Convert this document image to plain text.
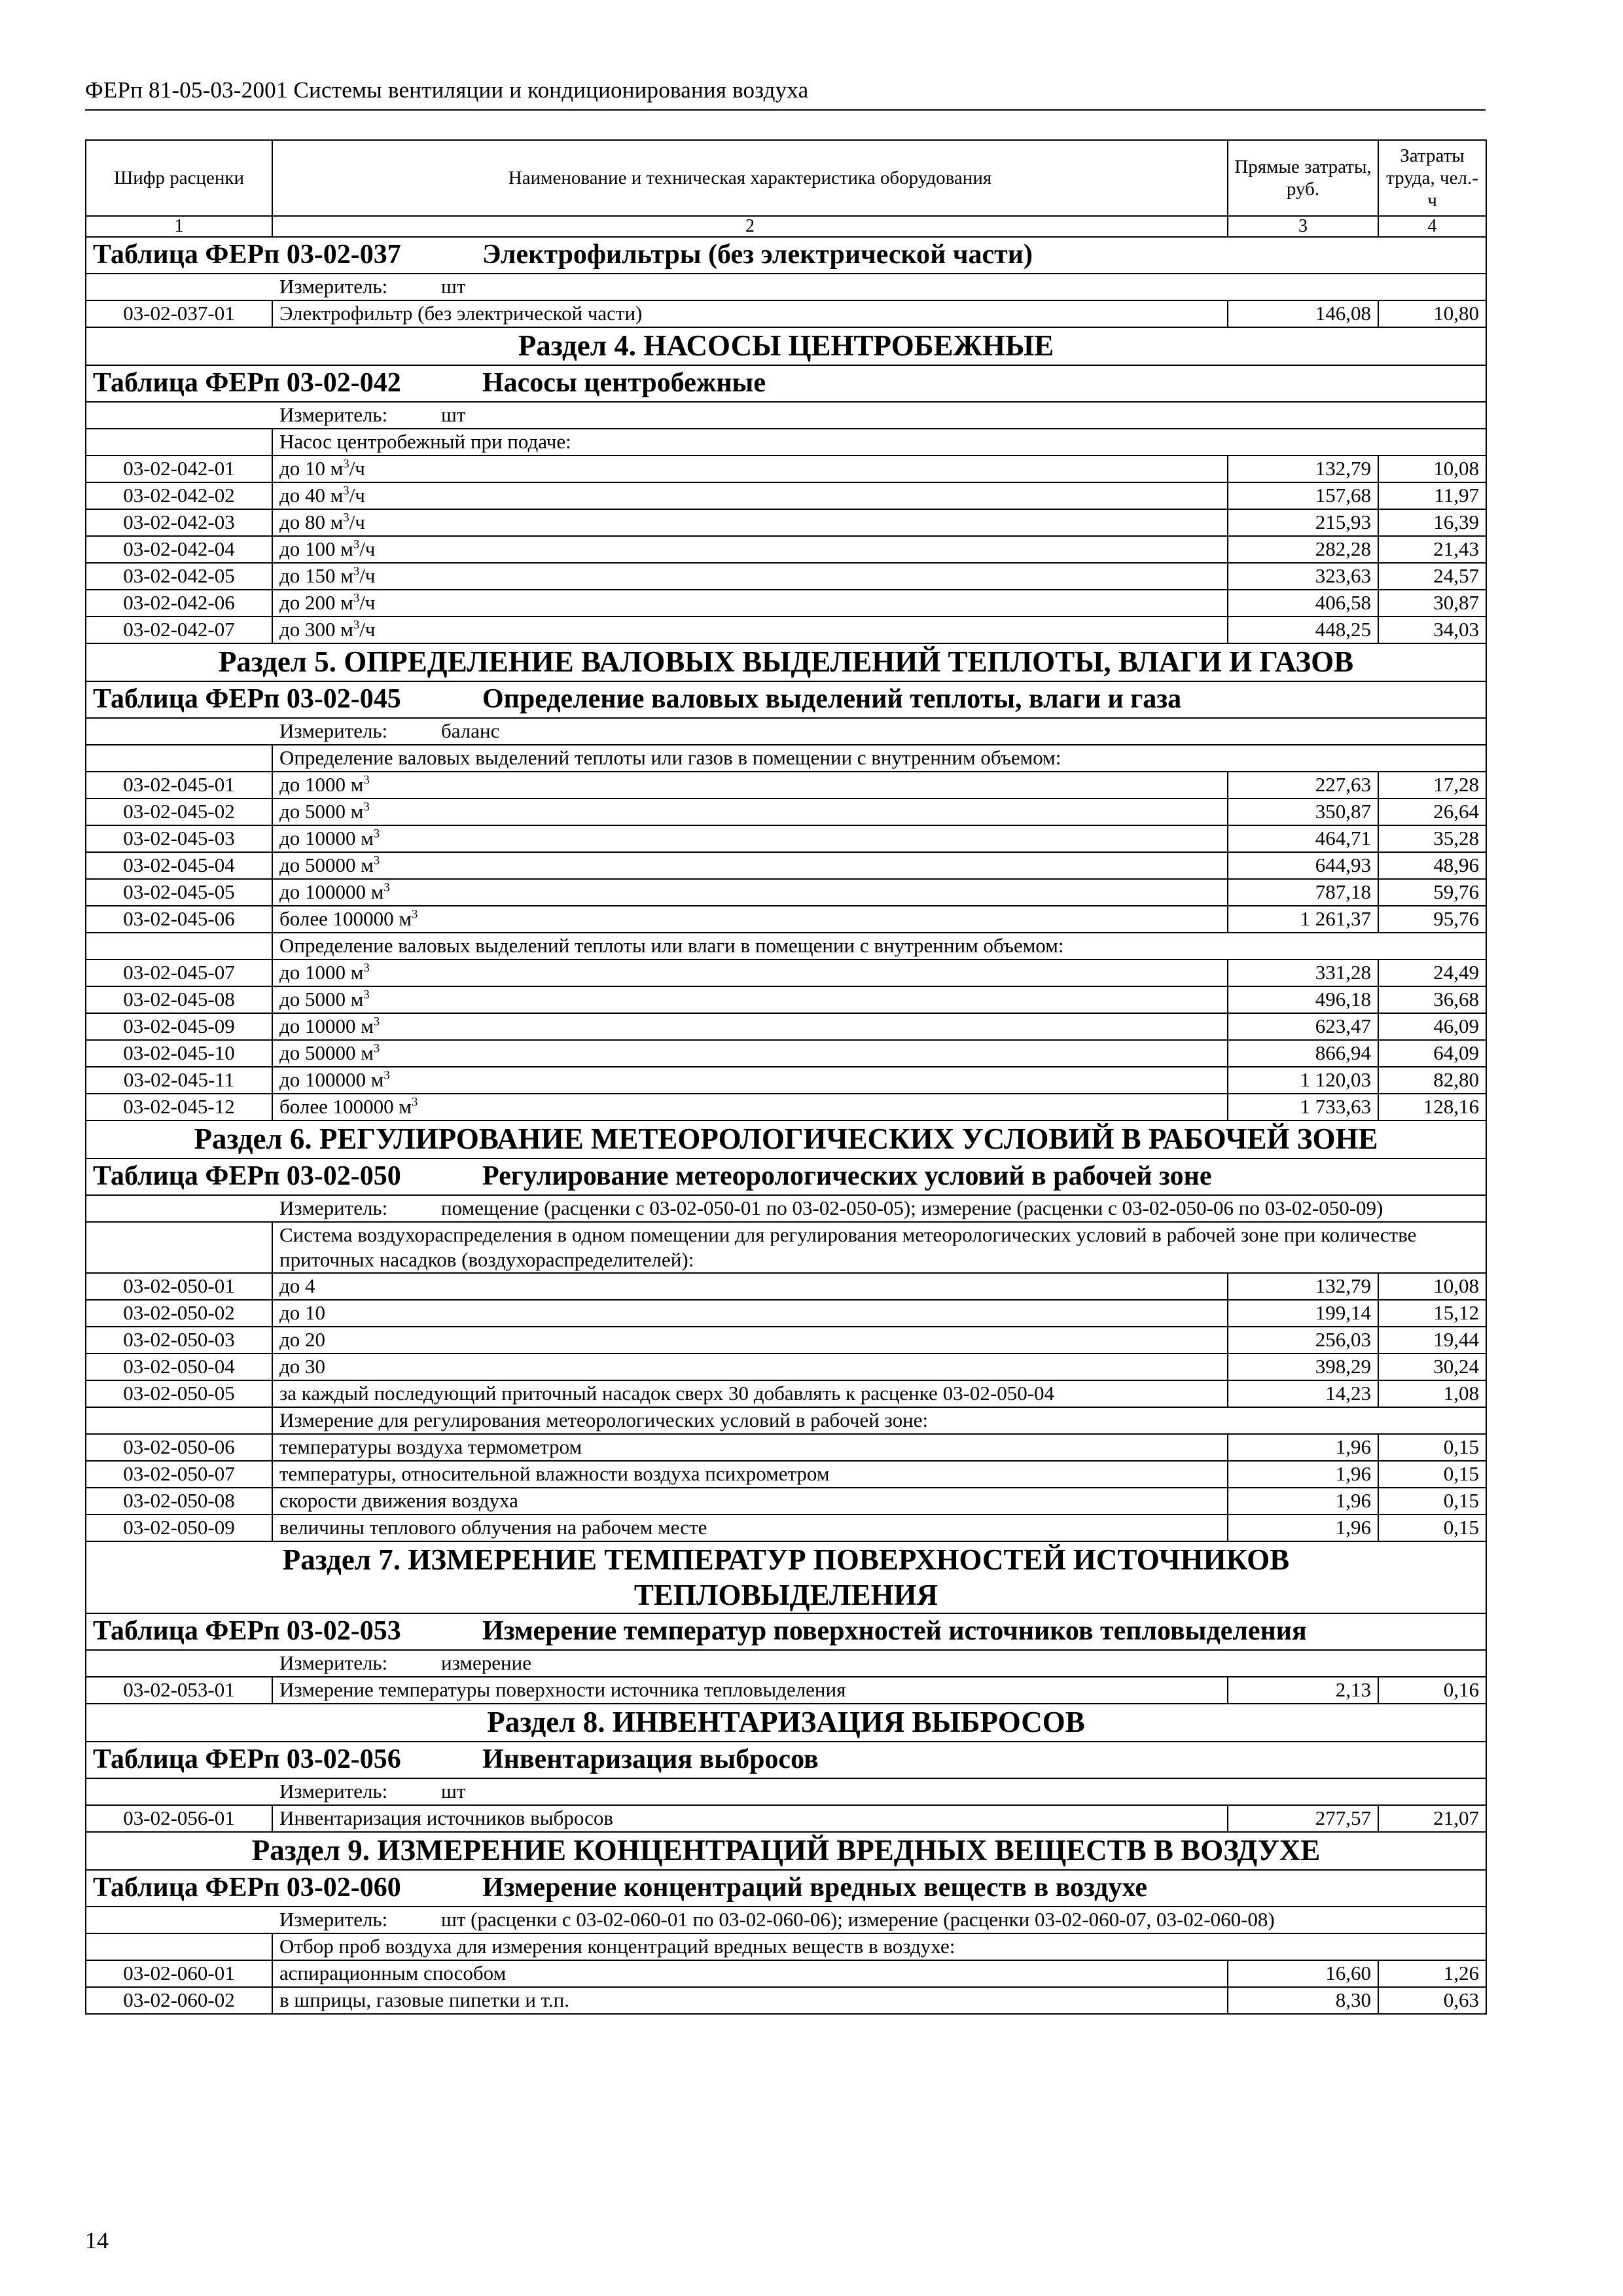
ФЕРп 81-05-03-2001 Системы вентиляции и кондиционирования воздуха
Шифр расценки	Наименование и техническая характеристика оборудования	Прямые затраты, руб.	Затраты труда, чел.-ч
1	2	3	4
Таблица ФЕРп 03-02-037 Электрофильтры (без электрической части)			
Измеритель: шт			
03-02-037-01	Электрофильтр (без электрической части)	146,08	10,80
Раздел 4. НАСОСЫ ЦЕНТРОБЕЖНЫЕ			
Таблица ФЕРп 03-02-042 Насосы центробежные			
Измеритель: шт			
	Насос центробежный при подаче:		
03-02-042-01	до 10 $м^3/ч$	132,79	10,08
03-02-042-02	до 40 $м^3/ч$	157,68	11,97
03-02-042-03	до 80 $м^3/ч$	215,93	16,39
03-02-042-04	до 100 $м^3/ч$	282,28	21,43
03-02-042-05	до 150 $м^3/ч$	323,63	24,57
03-02-042-06	до 200 $м^3/ч$	406,58	30,87
03-02-042-07	до 300 $м^3/ч$	448,25	34,03
Раздел 5. ОПРЕДЕЛЕНИЕ ВАЛОВЫХ ВЫДЕЛЕНИЙ ТЕПЛОТЫ, ВЛАГИ И ГАЗОВ			
Таблица ФЕРп 03-02-045 Определение валовых выделений теплоты, влаги и газа			
Измеритель: баланс			
	Определение валовых выделений теплоты или газов в помещении с внутренним объемом:		
03-02-045-01	до 1000 $м^3$	227,63	17,28
03-02-045-02	до 5000 $м^3$	350,87	26,64
03-02-045-03	до 10000 $м^3$	464,71	35,28
03-02-045-04	до 50000 $м^3$	644,93	48,96
03-02-045-05	до 100000 $м^3$	787,18	59,76
03-02-045-06	более 100000 $м^3$	1 261,37	95,76
	Определение валовых выделений теплоты или влаги в помещении с внутренним объемом:		
03-02-045-07	до 1000 $м^3$	331,28	24,49
03-02-045-08	до 5000 $м^3$	496,18	36,68
03-02-045-09	до 10000 $м^3$	623,47	46,09
03-02-045-10	до 50000 $м^3$	866,94	64,09
03-02-045-11	до 100000 $м^3$	1 120,03	82,80
03-02-045-12	более 100000 $м^3$	1 733,63	128,16
Раздел 6. РЕГУЛИРОВАНИЕ МЕТЕОРОЛОГИЧЕСКИХ УСЛОВИЙ В РАБОЧЕЙ ЗОНЕ			
Таблица ФЕРп 03-02-050 Регулирование метеорологических условий в рабочей зоне			

Измеритель: помещение (расценки с 03-02-050-01 по 03-02-050-05); измерение (расценки с 03-02-050-06 по 03-02-050-09)			

	Система воздухораспределения в одном помещении для регулирования метеорологических условий в рабочей зоне при количестве приточных насадков (воздухораспределителей):		
03-02-050-01	до 4	132,79	10,08
03-02-050-02	до 10	199,14	15,12
03-02-050-03	до 20	256,03	19,44
03-02-050-04	до 30	398,29	30,24
03-02-050-05	за каждый последующий приточный насадок сверх 30 добавлять к расценке 03-02-050-04	14,23	1,08
	Измерение для регулирования метеорологических условий в рабочей зоне:		
03-02-050-06	температуры воздуха термометром	1,96	0,15
03-02-050-07	температуры, относительной влажности воздуха психрометром	1,96	0,15
03-02-050-08	скорости движения воздуха	1,96	0,15
03-02-050-09	величины теплового облучения на рабочем месте	1,96	0,15
Раздел 7. ИЗМЕРЕНИЕ ТЕМПЕРАТУР ПОВЕРХНОСТЕЙ ИСТОЧНИКОВ ТЕПЛОВЫДЕЛЕНИЯ			
Таблица ФЕРп 03-02-053 Измерение температур поверхностей источников тепловыделения			
Измеритель: измерение			
03-02-053-01	Измерение температуры поверхности источника тепловыделения	2,13	0,16
Раздел 8. ИНВЕНТАРИЗАЦИЯ ВЫБРОСОВ			
Таблица ФЕРп 03-02-056 Инвентаризация выбросов			
Измеритель: шт			
03-02-056-01	Инвентаризация источников выбросов	277,57	21,07
Раздел 9. ИЗМЕРЕНИЕ КОНЦЕНТРАЦИЙ ВРЕДНЫХ ВЕЩЕСТВ В ВОЗДУХЕ			
Таблица ФЕРп 03-02-060 Измерение концентраций вредных веществ в воздухе			
Измеритель: шт (расценки с 03-02-060-01 по 03-02-060-06); измерение (расценки 03-02-060-07, 03-02-060-08)			
	Отбор проб воздуха для измерения концентраций вредных веществ в воздухе:		
03-02-060-01	аспирационным способом	16,60	1,26
03-02-060-02	в шприцы, газовые пипетки и т.п.	8,30	0,63
14
